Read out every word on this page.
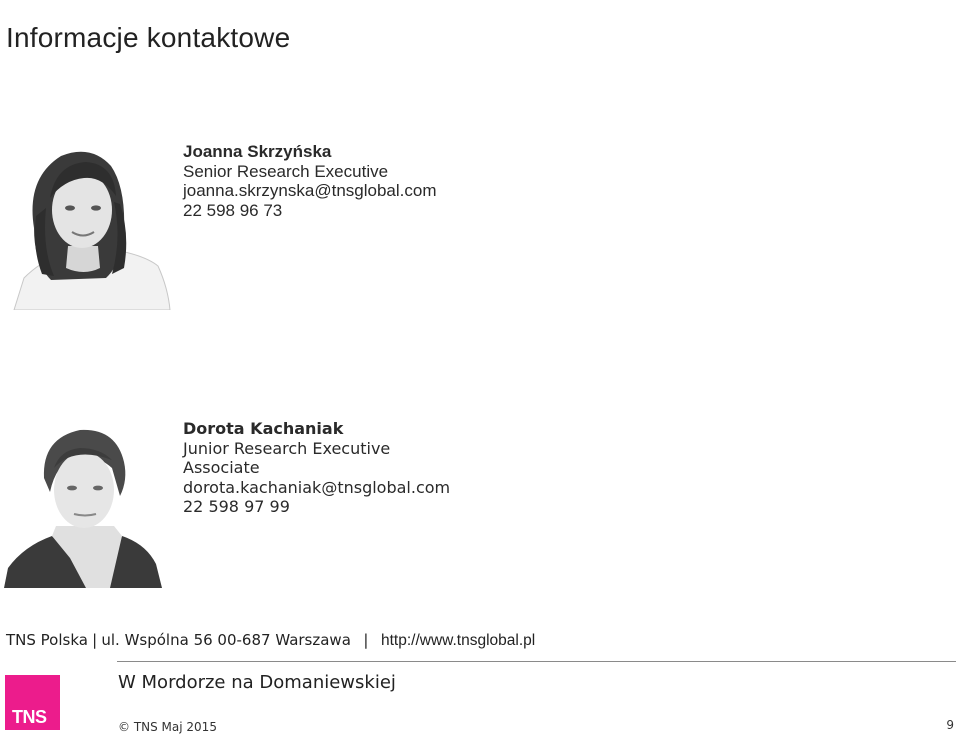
Informacje kontaktowe
Joanna Skrzyńska
Senior Research Executive
joanna.skrzynska@tnsglobal.com
22 598 96 73
Dorota Kachaniak
Junior Research Executive
Associate
dorota.kachaniak@tnsglobal.com
22 598 97 99
TNS Polska | ul. Wspólna 56 00-687 Warszawa | http://www.tnsglobal.pl
TNS
W Mordorze na Domaniewskiej
© TNS Maj 2015	9
